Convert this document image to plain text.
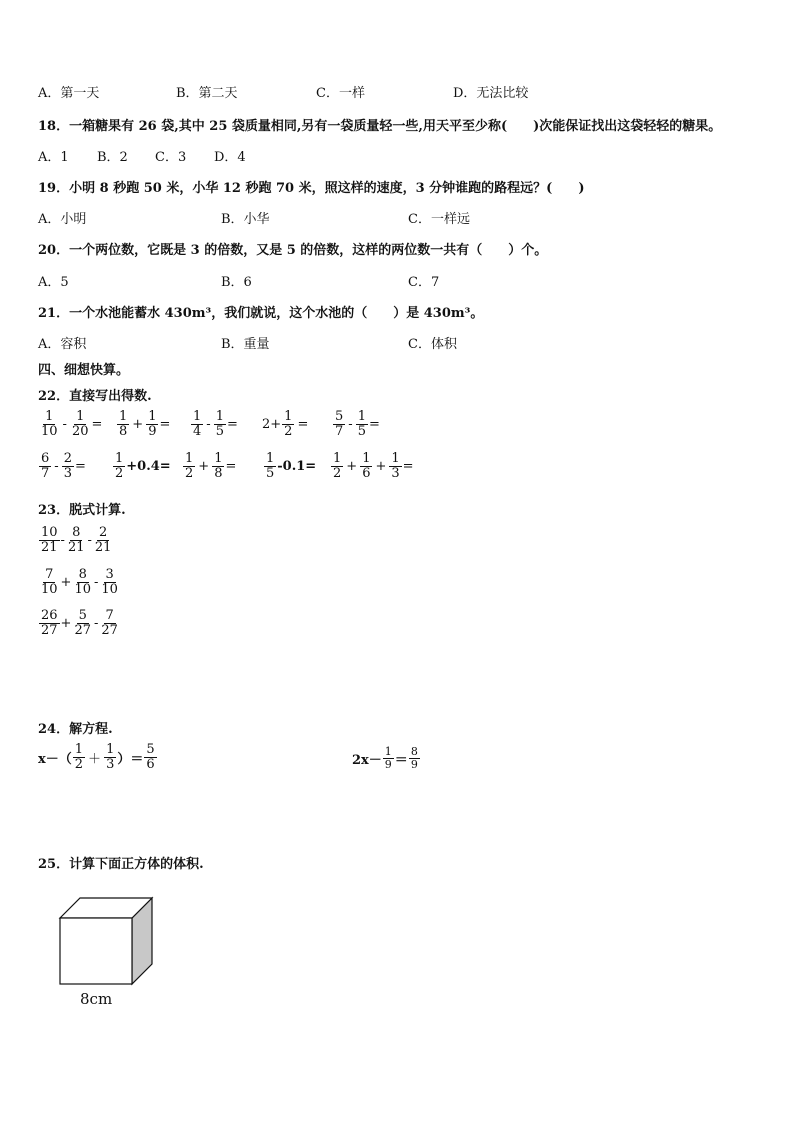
A．第一天	B．第二天	C．一样	D．无法比较
18．一箱糖果有 26 袋,其中 25 袋质量相同,另有一袋质量轻一些,用天平至少称(　　)次能保证找出这袋轻轻的糖果。
A．1 B．2 C．3 D．4
19．小明 8 秒跑 50 米，小华 12 秒跑 70 米，照这样的速度，3 分钟谁跑的路程远？(　　)
A．小明	B．小华	C．一样远
20．一个两位数，它既是 3 的倍数，又是 5 的倍数，这样的两位数一共有（　　）个。
A．5	B．6	C．7
21．一个水池能蓄水 430m³，我们就说，这个水池的（　　）是 430m³。
A．容积	B．重量	C．体积
四、细想快算。
22．直接写出得数.
$\frac{1}{10} - \frac{1}{20} = \frac{1}{8} + \frac{1}{9} = \frac{1}{4} - \frac{1}{5} = 2+ \frac{1}{2} = \frac{5}{7} - \frac{1}{5}$ =
$\frac{6}{7} - \frac{2}{3} = \frac{1}{2} +0.4= \frac{1}{2} + \frac{1}{8} = \frac{1}{5} -0.1= \frac{1}{2} + \frac{1}{6} + \frac{1}{3}$ =
23．脱式计算.
$\frac{10}{21} - \frac{8}{21} - \frac{2}{21}$
$\frac{7}{10} + \frac{8}{10} - \frac{3}{10}$
$\frac{26}{27} + \frac{5}{27} - \frac{7}{27}$
24．解方程.
$x-( \frac{1}{2} + \frac{1}{3}$ ）＝ $\frac{5}{6}$	$2x- \frac{1}{9} = \frac{8}{9}$
25．计算下面正方体的体积.
8cm
